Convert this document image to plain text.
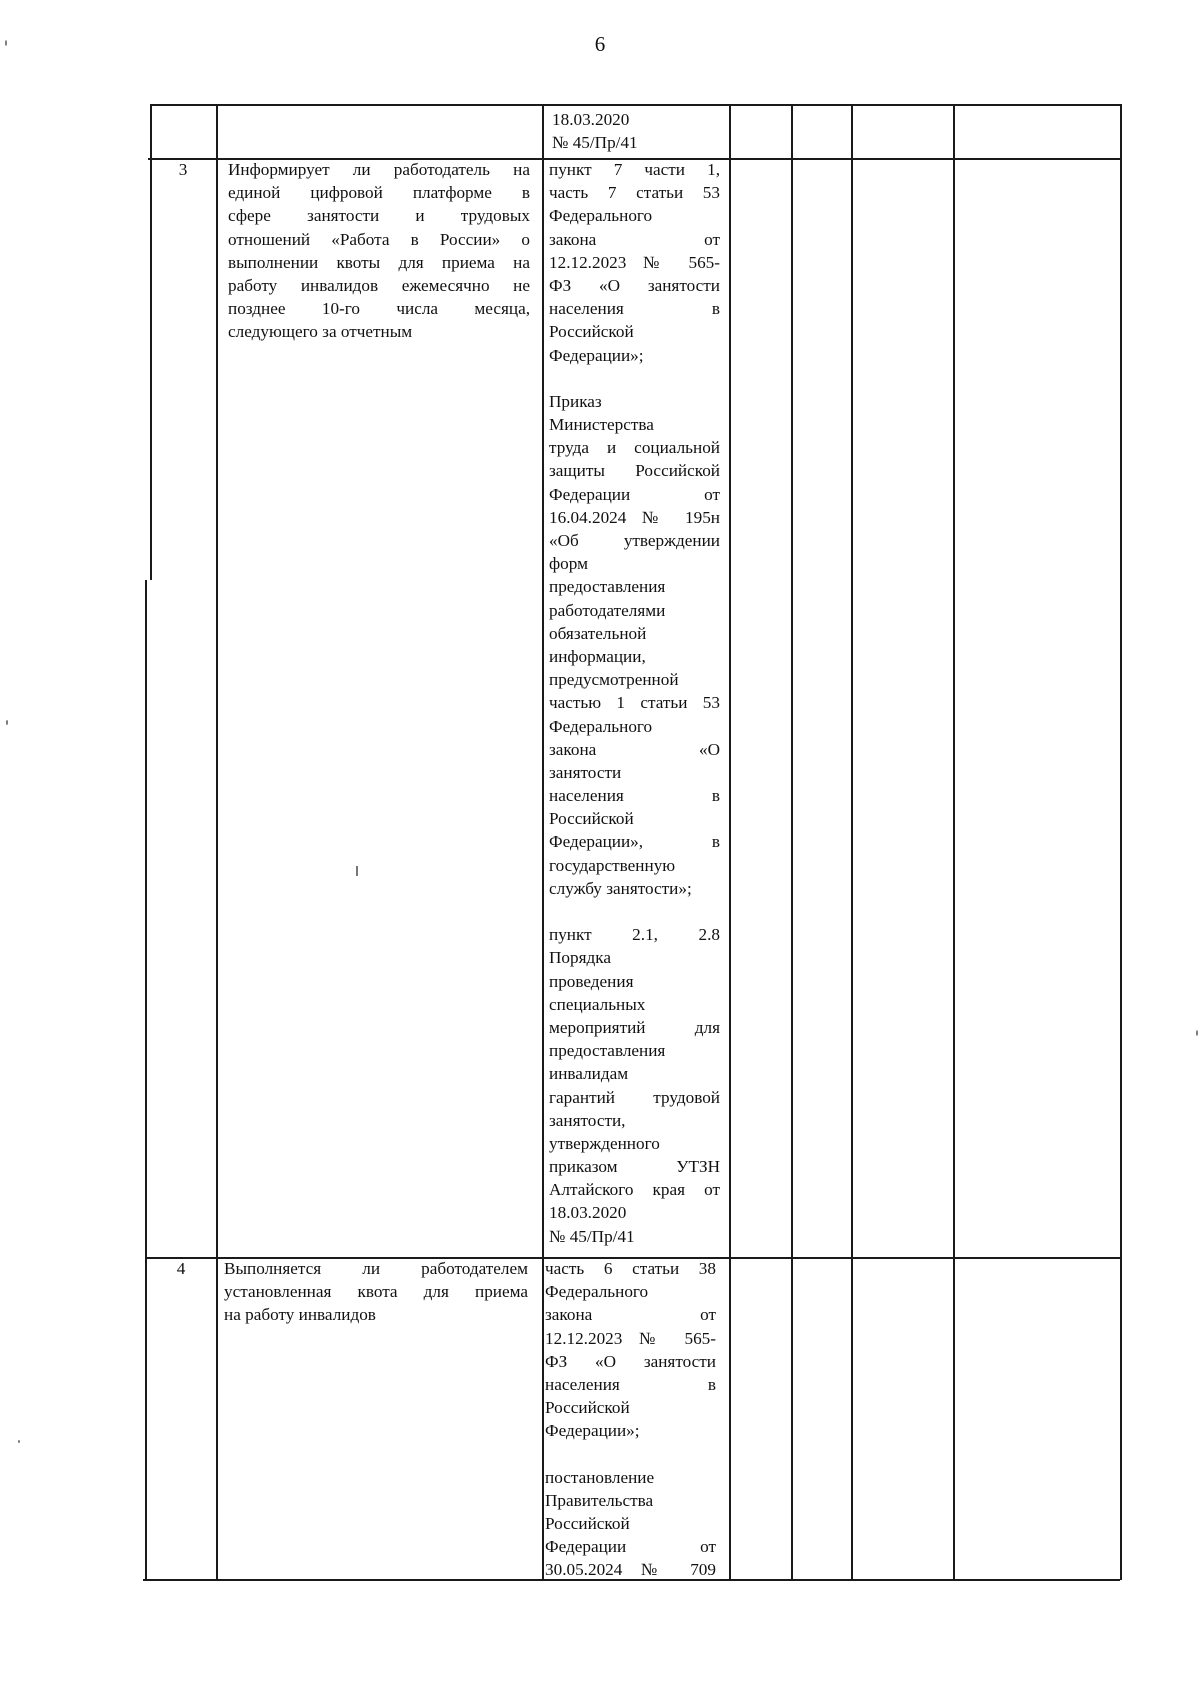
6
18.03.2020
№ 45/Пр/41
3	Информирует ли работодатель на
единой цифровой платформе в
сфере занятости и трудовых
отношений «Работа в России» о
выполнении квоты для приема на
работу инвалидов ежемесячно не
позднее 10-го числа месяца,
следующего за отчетным
пункт 7 части 1,
часть 7 статьи 53
Федерального
закона от
12.12.2023 № 565-
ФЗ «О занятости
населения в
Российской
Федерации»;
Приказ
Министерства
труда и социальной
защиты Российской
Федерации от
16.04.2024 № 195н
«Об утверждении
форм
предоставления
работодателями
обязательной
информации,
предусмотренной
частью 1 статьи 53
Федерального
закона «О
занятости
населения в
Российской
Федерации», в
государственную
службу занятости»;
пункт 2.1, 2.8
Порядка
проведения
специальных
мероприятий для
предоставления
инвалидам
гарантий трудовой
занятости,
утвержденного
приказом УТЗН
Алтайского края от
18.03.2020
№ 45/Пр/41
4	Выполняется ли работодателем
установленная квота для приема
на работу инвалидов
часть 6 статьи 38
Федерального
закона от
12.12.2023 № 565-
ФЗ «О занятости
населения в
Российской
Федерации»;
постановление
Правительства
Российской
Федерации от
30.05.2024 № 709
